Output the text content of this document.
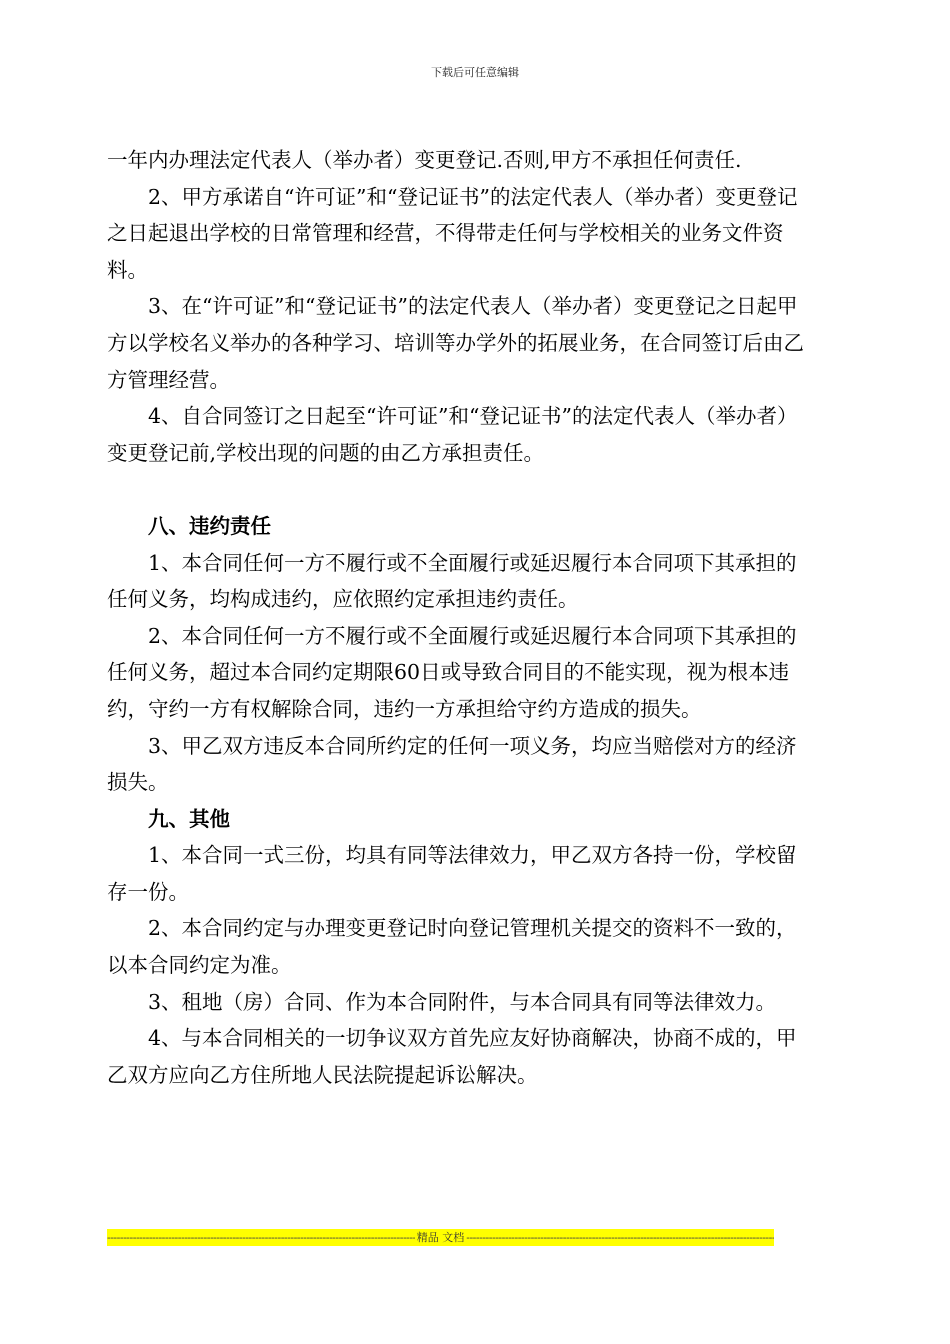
下载后可任意编辑

一年内办理法定代表人（举办者）变更登记.否则,甲方不承担任何责任.

2、甲方承诺自“许可证”和“登记证书”的法定代表人（举办者）变更登记之日起退出学校的日常管理和经营，不得带走任何与学校相关的业务文件资料。

3、在“许可证”和“登记证书”的法定代表人（举办者）变更登记之日起甲方以学校名义举办的各种学习、培训等办学外的拓展业务，在合同签订后由乙方管理经营。

4、自合同签订之日起至“许可证”和“登记证书”的法定代表人（举办者）变更登记前,学校出现的问题的由乙方承担责任。

八、违约责任

1、本合同任何一方不履行或不全面履行或延迟履行本合同项下其承担的任何义务，均构成违约，应依照约定承担违约责任。

2、本合同任何一方不履行或不全面履行或延迟履行本合同项下其承担的任何义务，超过本合同约定期限60日或导致合同目的不能实现，视为根本违约，守约一方有权解除合同，违约一方承担给守约方造成的损失。

3、甲乙双方违反本合同所约定的任何一项义务，均应当赔偿对方的经济损失。

九、其他

1、本合同一式三份，均具有同等法律效力，甲乙双方各持一份，学校留存一份。

2、本合同约定与办理变更登记时向登记管理机关提交的资料不一致的，以本合同约定为准。

3、租地（房）合同、作为本合同附件，与本合同具有同等法律效力。

4、与本合同相关的一切争议双方首先应友好协商解决，协商不成的，甲乙双方应向乙方住所地人民法院提起诉讼解决。

-----
精品 文档
-----
